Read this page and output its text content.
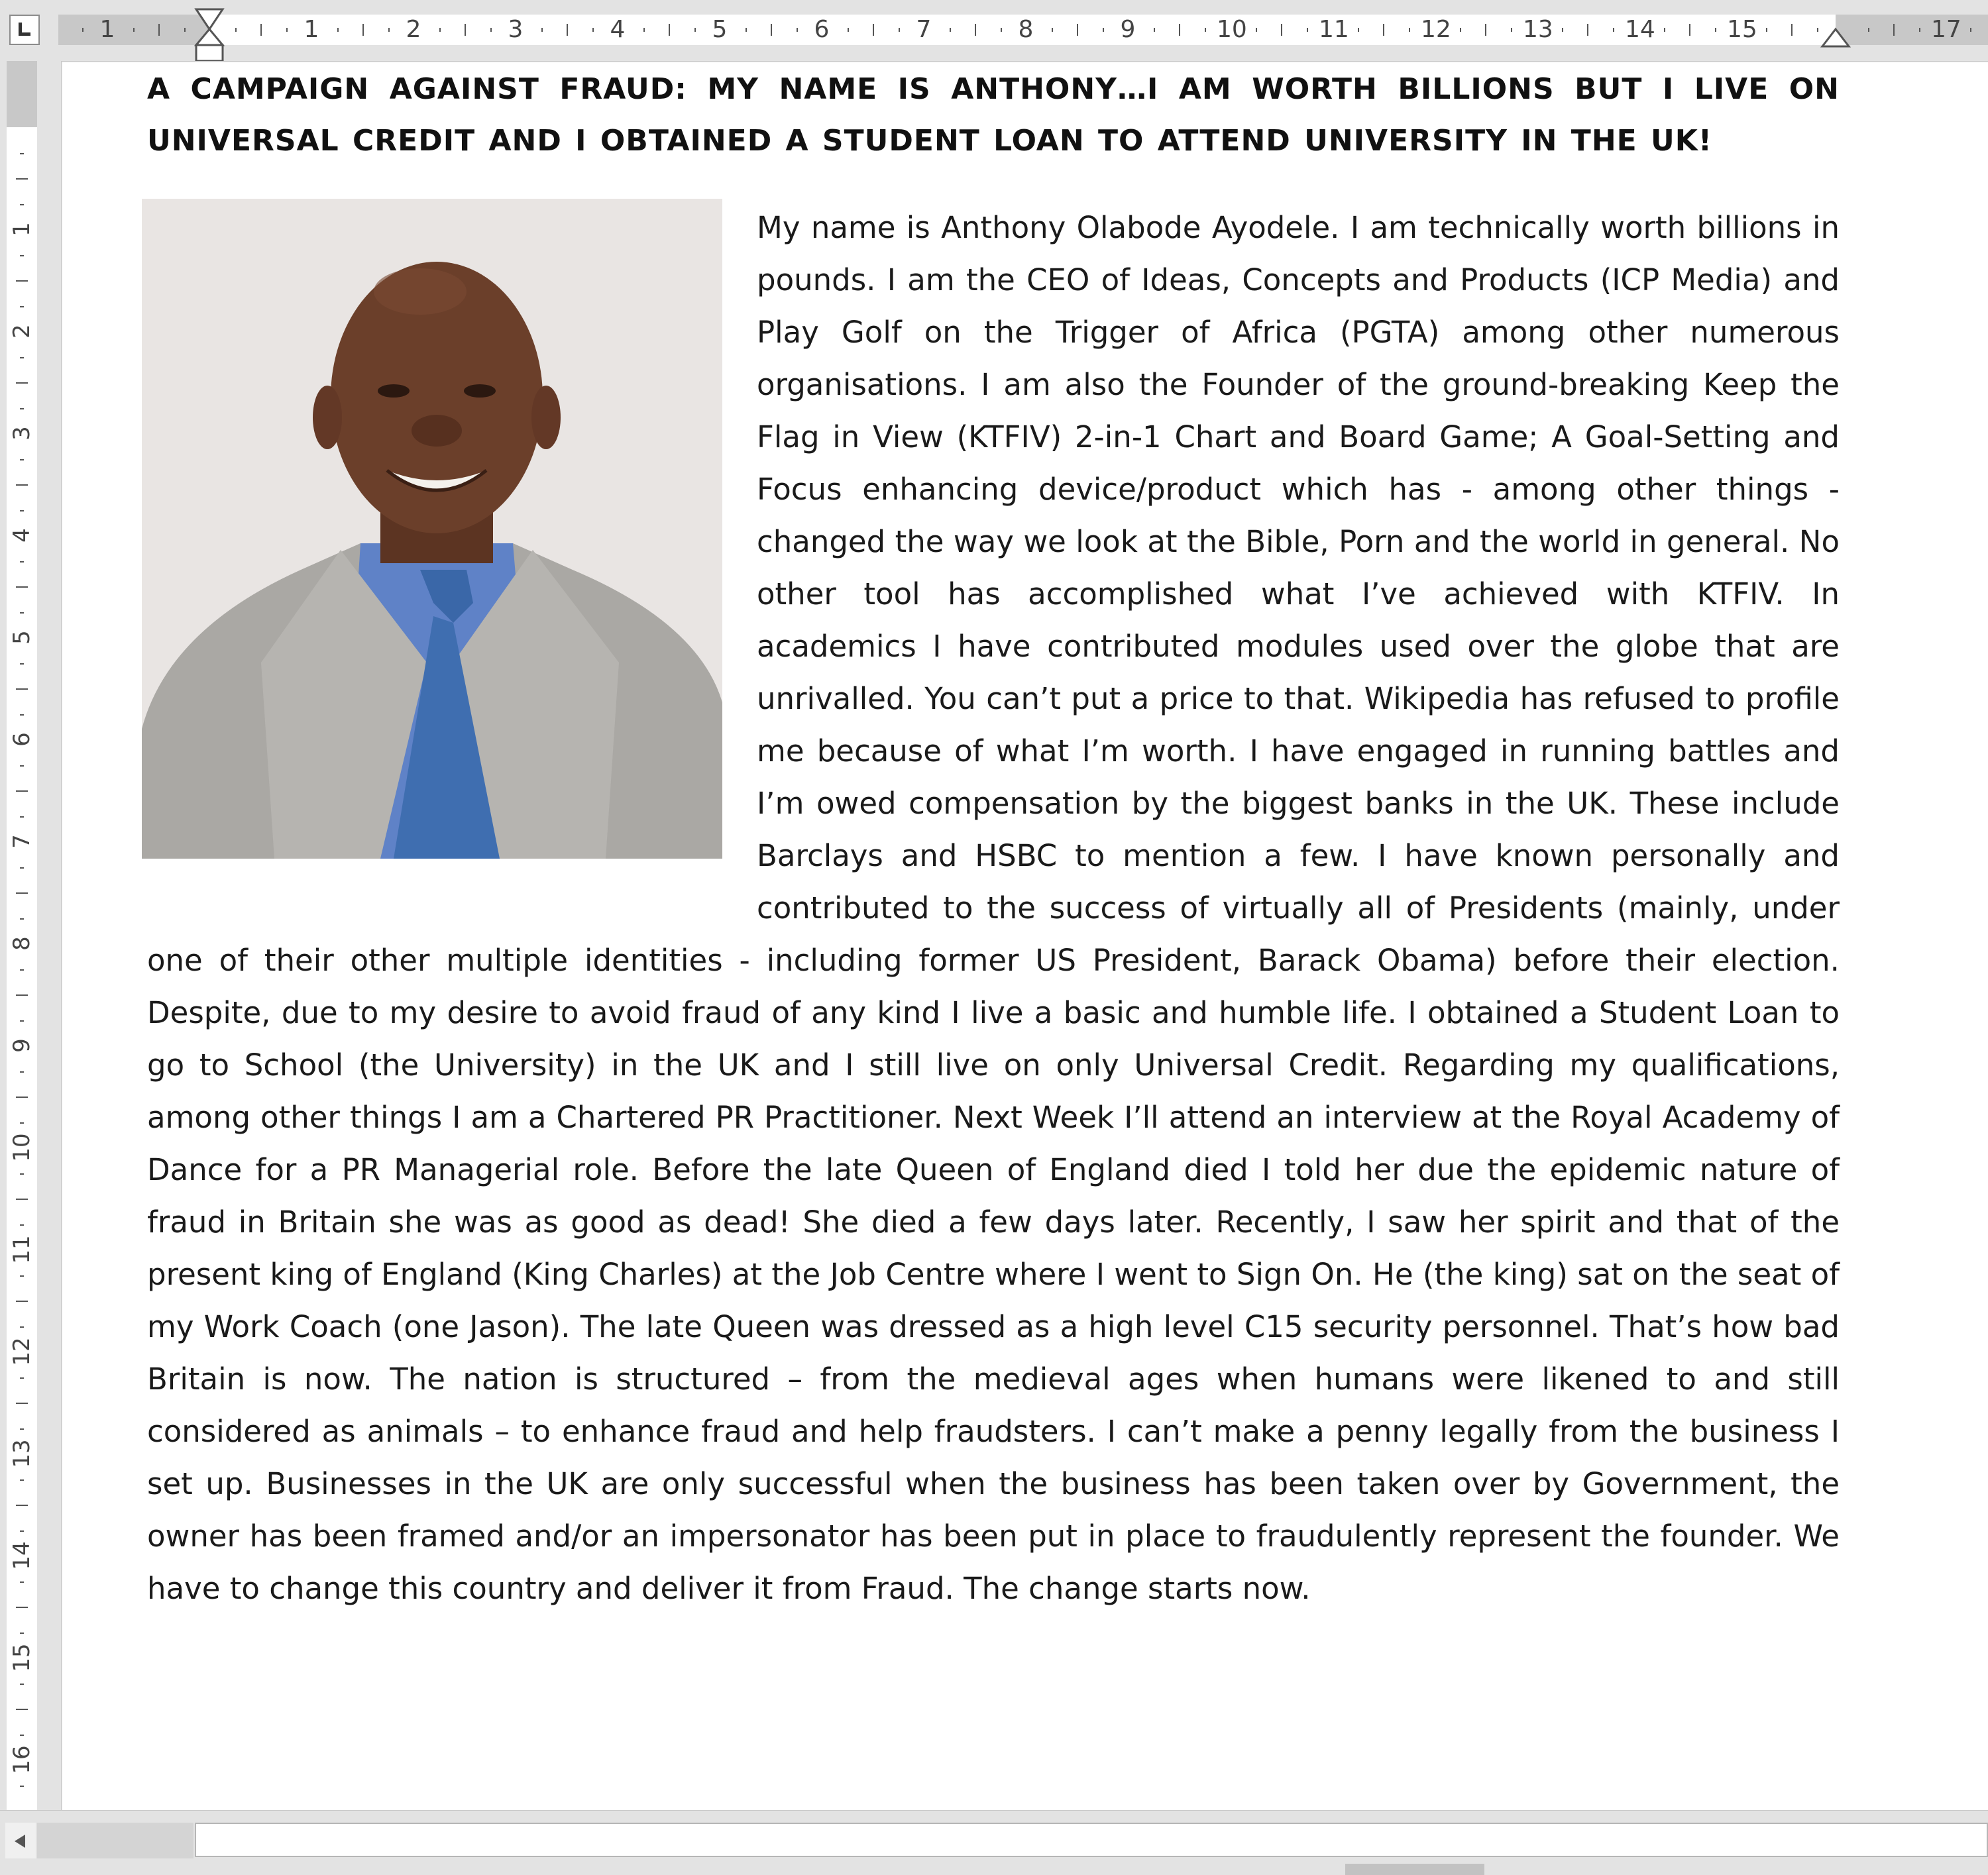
1	1	2	3	4	5	6	7	8	9	10	11	12	13	14	15	17
1
2
3
4
5
6
7
8
9
10
11
12
13
14
15
16
A CAMPAIGN AGAINST FRAUD: MY NAME IS ANTHONY…I AM WORTH BILLIONS BUT I LIVE ON UNIVERSAL CREDIT AND I OBTAINED A STUDENT LOAN TO ATTEND UNIVERSITY IN THE UK!
My name is Anthony Olabode Ayodele. I am technically worth billions in pounds. I am the CEO of Ideas, Concepts and Products (ICP Media) and Play Golf on the Trigger of Africa (PGTA) among other numerous organisations. I am also the Founder of the ground-breaking Keep the Flag in View (KTFIV) 2-in-1 Chart and Board Game; A Goal-Setting and Focus enhancing device/product which has - among other things - changed the way we look at the Bible, Porn and the world in general. No other tool has accomplished what I’ve achieved with KTFIV. In academics I have contributed modules used over the globe that are unrivalled. You can’t put a price to that. Wikipedia has refused to profile me because of what I’m worth. I have engaged in running battles and I’m owed compensation by the biggest banks in the UK. These include Barclays and HSBC to mention a few. I have known personally and contributed to the success of virtually all of Presidents (mainly, under one of their other multiple identities - including former US President, Barack Obama) before their election. Despite, due to my desire to avoid fraud of any kind I live a basic and humble life. I obtained a Student Loan to go to School (the University) in the UK and I still live on only Universal Credit. Regarding my qualifications, among other things I am a Chartered PR Practitioner. Next Week I’ll attend an interview at the Royal Academy of Dance for a PR Managerial role. Before the late Queen of England died I told her due the epidemic nature of fraud in Britain she was as good as dead! She died a few days later. Recently, I saw her spirit and that of the present king of England (King Charles) at the Job Centre where I went to Sign On. He (the king) sat on the seat of my Work Coach (one Jason). The late Queen was dressed as a high level C15 security personnel. That’s how bad Britain is now. The nation is structured – from the medieval ages when humans were likened to and still considered as animals – to enhance fraud and help fraudsters. I can’t make a penny legally from the business I set up. Businesses in the UK are only successful when the business has been taken over by Government, the owner has been framed and/or an impersonator has been put in place to fraudulently represent the founder. We have to change this country and deliver it from Fraud. The change starts now.
